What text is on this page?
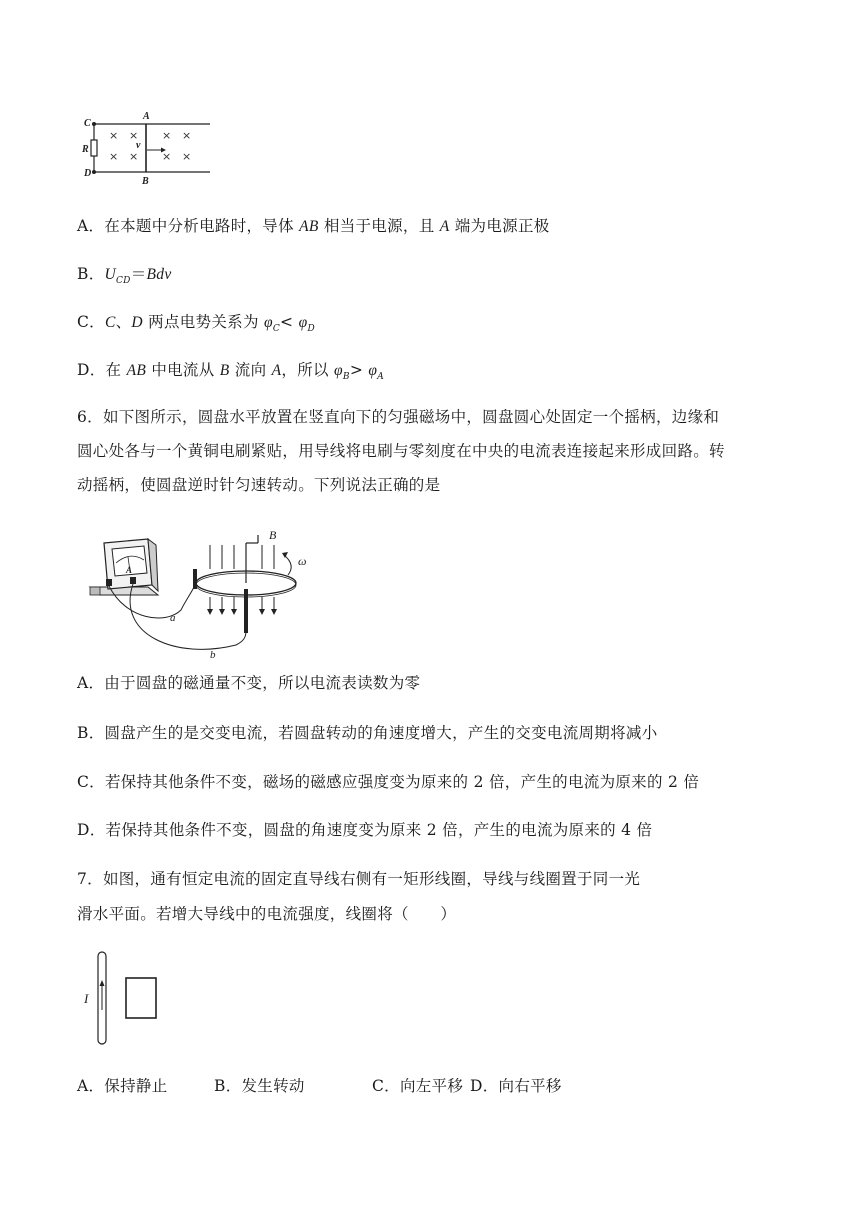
× × × ×
× × × ×
C
A
R	v
D
B
A．在本题中分析电路时，导体 AB 相当于电源，且 A 端为电源正极
B．$U_{CD}=Bdv$
C．C、D 两点电势关系为 $\varphi_C< \varphi_D$
D．在 AB 中电流从 B 流向 A，所以 $\varphi_B> \varphi_A$
6．如下图所示，圆盘水平放置在竖直向下的匀强磁场中，圆盘圆心处固定一个摇柄，边缘和
圆心处各与一个黄铜电刷紧贴，用导线将电刷与零刻度在中央的电流表连接起来形成回路。转
动摇柄，使圆盘逆时针匀速转动。下列说法正确的是
A
a
b
B
ω
A．由于圆盘的磁通量不变，所以电流表读数为零
B．圆盘产生的是交变电流，若圆盘转动的角速度增大，产生的交变电流周期将减小
C．若保持其他条件不变，磁场的磁感应强度变为原来的 2 倍，产生的电流为原来的 2 倍
D．若保持其他条件不变，圆盘的角速度变为原来 2 倍，产生的电流为原来的 4 倍
7．如图，通有恒定电流的固定直导线右侧有一矩形线圈，导线与线圈置于同一光
滑水平面。若增大导线中的电流强度，线圈将（　　）
I
A．保持静止	B．发生转动	C．向左平移 D．向右平移
